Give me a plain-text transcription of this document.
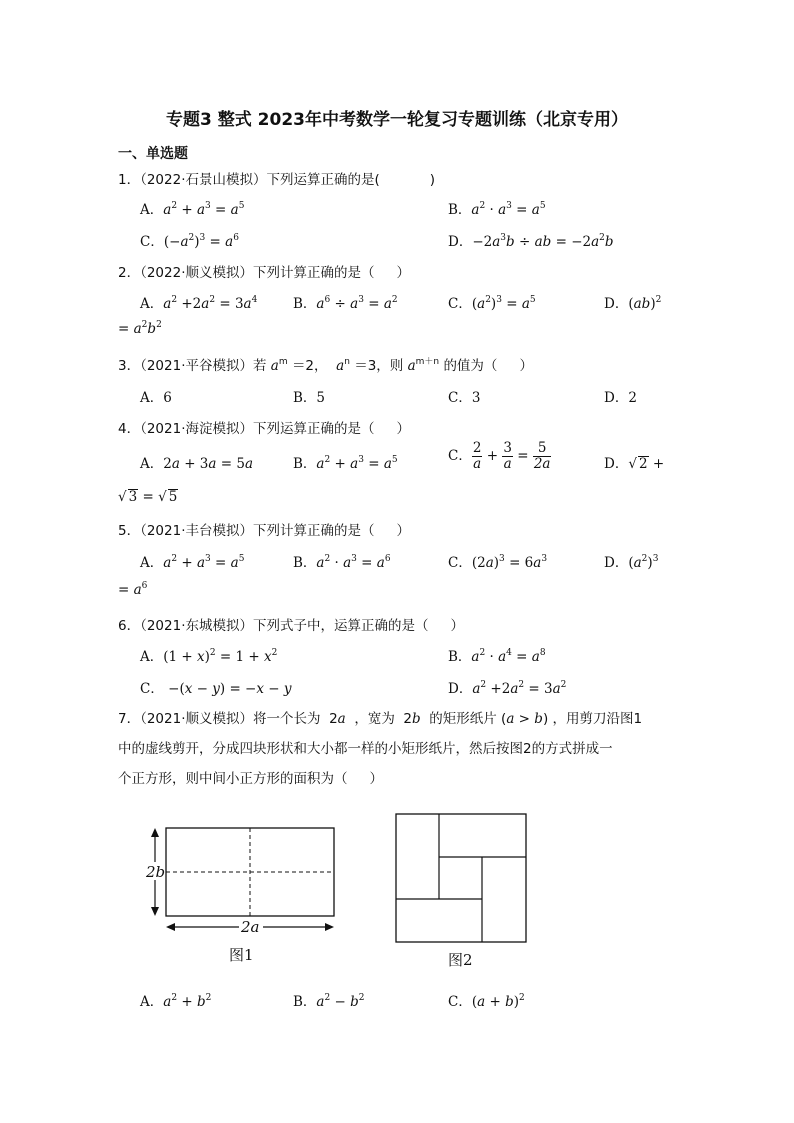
专题3 整式 2023年中考数学一轮复习专题训练（北京专用）
一、单选题
1．（2022·石景山模拟）下列运算正确的是(	)
A．$a^2 + a^3 = a^5$	B．$a^2 \cdot a^3 = a^5$
C．$(-a^2)^3 = a^6$	D．$-2a^3b$ ÷ ab = $-2a^2b$
2．（2022·顺义模拟）下列计算正确的是（ ）
A．$a^2 +2a^2 = 3a^4$	B．$a^6 \div a^3 = a^2$	C．$(a^2)^3 = a^5$	D．(ab)$^2$
= $a^2b^2$
3．（2021·平谷模拟）若 $a^m =2$， $a^n =3$，则 $a^{m+n}$ 的值为（ ）
A．6	B．5	C．3	D．2
4．（2021·海淀模拟）下列运算正确的是（ ）
A．2a + 3a = 5a	B．$a^2 + a^3 = a^5$	C． $\frac{2}{a} + \frac{3}{a} = \frac{5}{2a}$	D．√ 2 +
√ 3 = √ 5
5．（2021·丰台模拟）下列计算正确的是（ ）
A．$a^2 + a^3 = a^5$	B．$a^2 \cdot a^3 = a^6$	C．$(2a)^3 = 6a^3$	D．$(a^2)^3$
= $a^6$
6．（2021·东城模拟）下列式子中，运算正确的是（ ）
A．$(1 + x)^2 = 1 + x^2$	B．$a^2 \cdot a^4 = a^8$
C． −(x − y) = −x − y	D．$a^2 +2a^2 = 3a^2$
7．（2021·顺义模拟）将一个长为  2a ，宽为  2b 的矩形纸片 (a > b) ，用剪刀沿图1
中的虚线剪开，分成四块形状和大小都一样的小矩形纸片，然后按图2的方式拼成一
个正方形，则中间小正方形的面积为（ ）
2b
2a
图1	图2
A．$a^2 + b^2$	B．$a^2 - b^2$	C．$(a + b)^2$
